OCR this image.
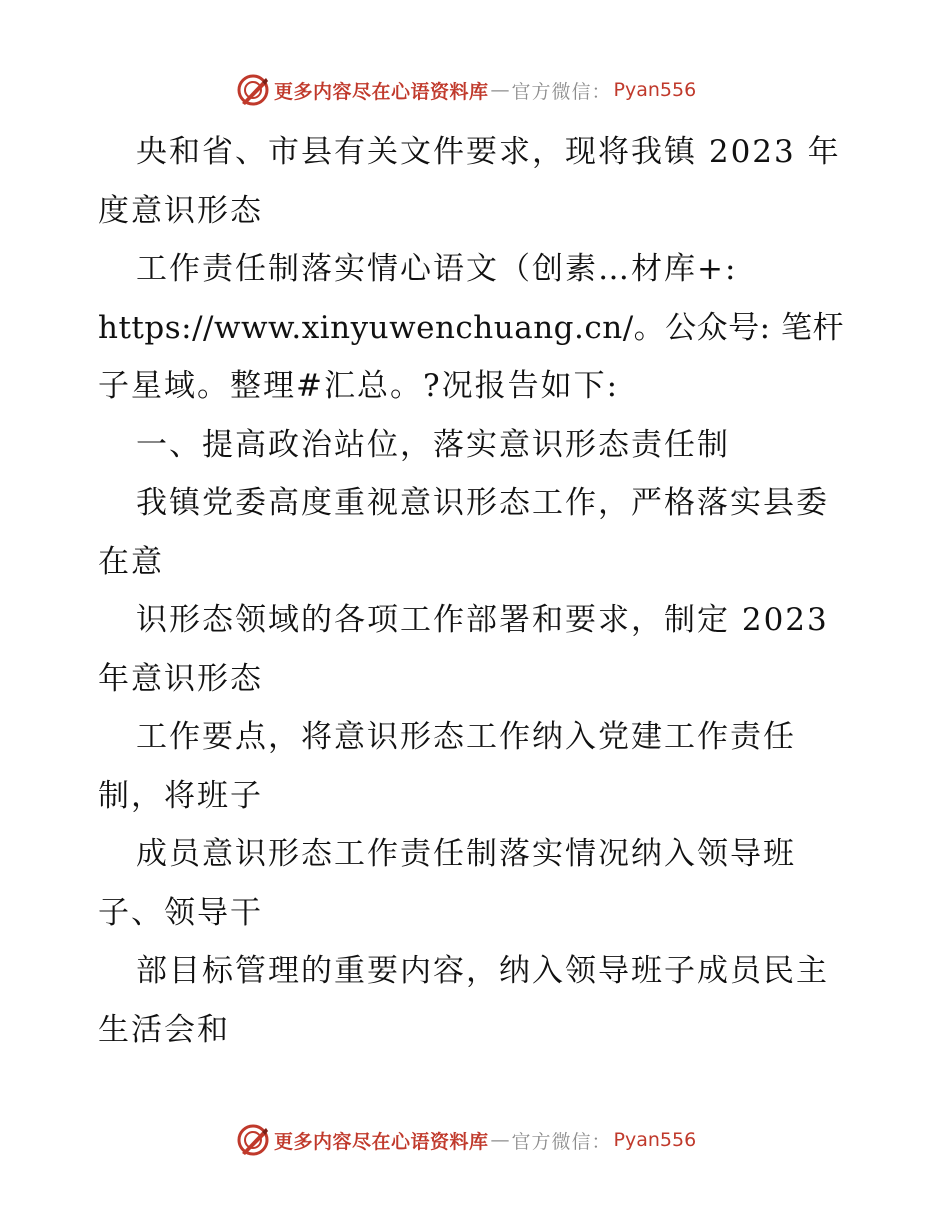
更多内容尽在心语资料库 — 官方微信： Pyan556
央和省、市县有关文件要求，现将我镇 2023 年
度意识形态
工作责任制落实情心语文（创素…材库+:
https://www.xinyuwenchuang.cn/。公众号: 笔杆
子星域。整理#汇总。?况报告如下:
一、提高政治站位，落实意识形态责任制
我镇党委高度重视意识形态工作，严格落实县委
在意
识形态领域的各项工作部署和要求，制定 2023
年意识形态
工作要点，将意识形态工作纳入党建工作责任
制，将班子
成员意识形态工作责任制落实情况纳入领导班
子、领导干
部目标管理的重要内容，纳入领导班子成员民主
生活会和
更多内容尽在心语资料库 — 官方微信： Pyan556
